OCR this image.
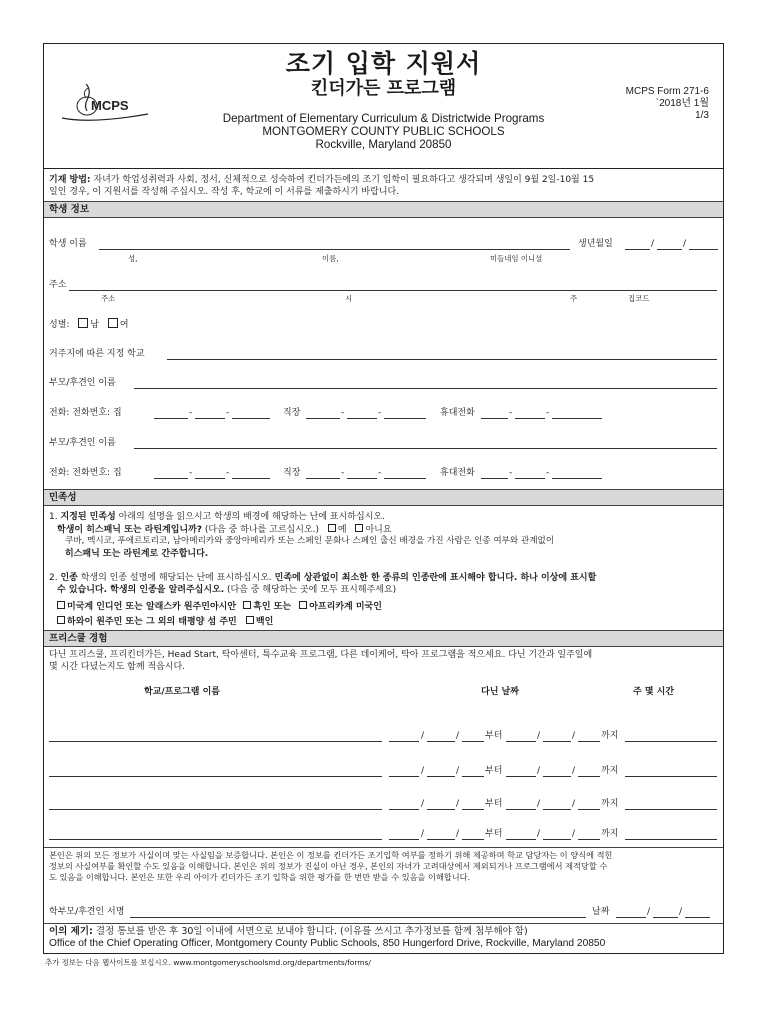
MCPS
조기 입학 지원서
킨더가든 프로그램
Department of Elementary Curriculum & Districtwide Programs
MONTGOMERY COUNTY PUBLIC SCHOOLS
Rockville, Maryland 20850
MCPS Form 271-6
`2018년 1월
1/3
기재 방법: 자녀가 학업성취력과 사회, 정서, 신체적으로 성숙하여 킨더가든에의 조기 입학이 필요하다고 생각되며 생일이 9월 2일-10월 15
일인 경우, 이 지원서를 작성해 주십시오. 작성 후, 학교에 이 서류를 제출하시기 바랍니다.
학생 정보
학생 이름	생년월일	/	/
성,	이름,	미들네임 이니셜
주소
주소	시	주	집코드
성별: 남 여
거주지에 따른 지정 학교
부모/후견인 이름
전화: 전화번호: 집	-	-	직장	-	-	휴대전화	-	-
부모/후견인 이름
전화: 전화번호: 집	-	-	직장	-	-	휴대전화	-	-
민족성
1. 지정된 민족성 아래의 설명을 읽으시고 학생의 배경에 해당하는 난에 표시하십시오.
학생이 히스패닉 또는 라틴계입니까? (다음 중 하나를 고르십시오.) 예 아니요
쿠바, 멕시코, 푸에르토리코, 남아메리카와 중앙아메리카 또는 스페인 문화나 스페인 출신 배경을 가진 사람은 인종 여부와 관계없이
히스패닉 또는 라틴계로 간주합니다.
2. 인종 학생의 인종 설명에 해당되는 난에 표시하십시오. 민족에 상관없이 최소한 한 종류의 인종란에 표시해야 합니다. 하나 이상에 표시할
수 있습니다. 학생의 인종을 알려주십시오. (다음 중 해당하는 곳에 모두 표시해주세요)
미국계 인디언 또는 알래스카 원주민아시안 흑인 또는 아프리카계 미국인
하와이 원주민 또는 그 외의 태평양 섬 주민 백인
프리스쿨 경험
다닌 프리스쿨, 프리킨더가든, Head Start, 탁아센터, 특수교육 프로그램, 다른 데이케어, 탁아 프로그램을 적으세요. 다닌 기간과 일주일에
몇 시간 다녔는지도 함께 적읍시다.
학교/프로그램 이름	다닌 날짜	주 몇 시간
/	/	부터	/	/	까지
/	/	부터	/	/	까지
/	/	부터	/	/	까지
/	/	부터	/	/	까지
본인은 위의 모든 정보가 사실이며 맞는 사실임을 보증합니다. 본인은 이 정보를 킨더가든 조기입학 여부를 정하기 위해 제공하며 학교 담당자는 이 양식에 적힌
정보의 사실여부를 확인할 수도 있음을 이해합니다. 본인은 위의 정보가 진실이 아닌 경우, 본인의 자녀가 고려대상에서 제외되거나 프로그램에서 제적당할 수
도 있음을 이해합니다. 본인은 또한 우리 아이가 킨더가든 조기 입학을 위한 평가를 한 번만 받을 수 있음을 이해합니다.
학부모/후견인 서명	날짜	/	/
이의 제기: 결정 통보를 받은 후 30일 이내에 서면으로 보내야 합니다. (이유를 쓰시고 추가정보를 함께 첨부해야 함)
Office of the Chief Operating Officer, Montgomery County Public Schools, 850 Hungerford Drive, Rockville, Maryland 20850
추가 정보는 다음 웹사이트를 보십시오. www.montgomeryschoolsmd.org/departments/forms/
